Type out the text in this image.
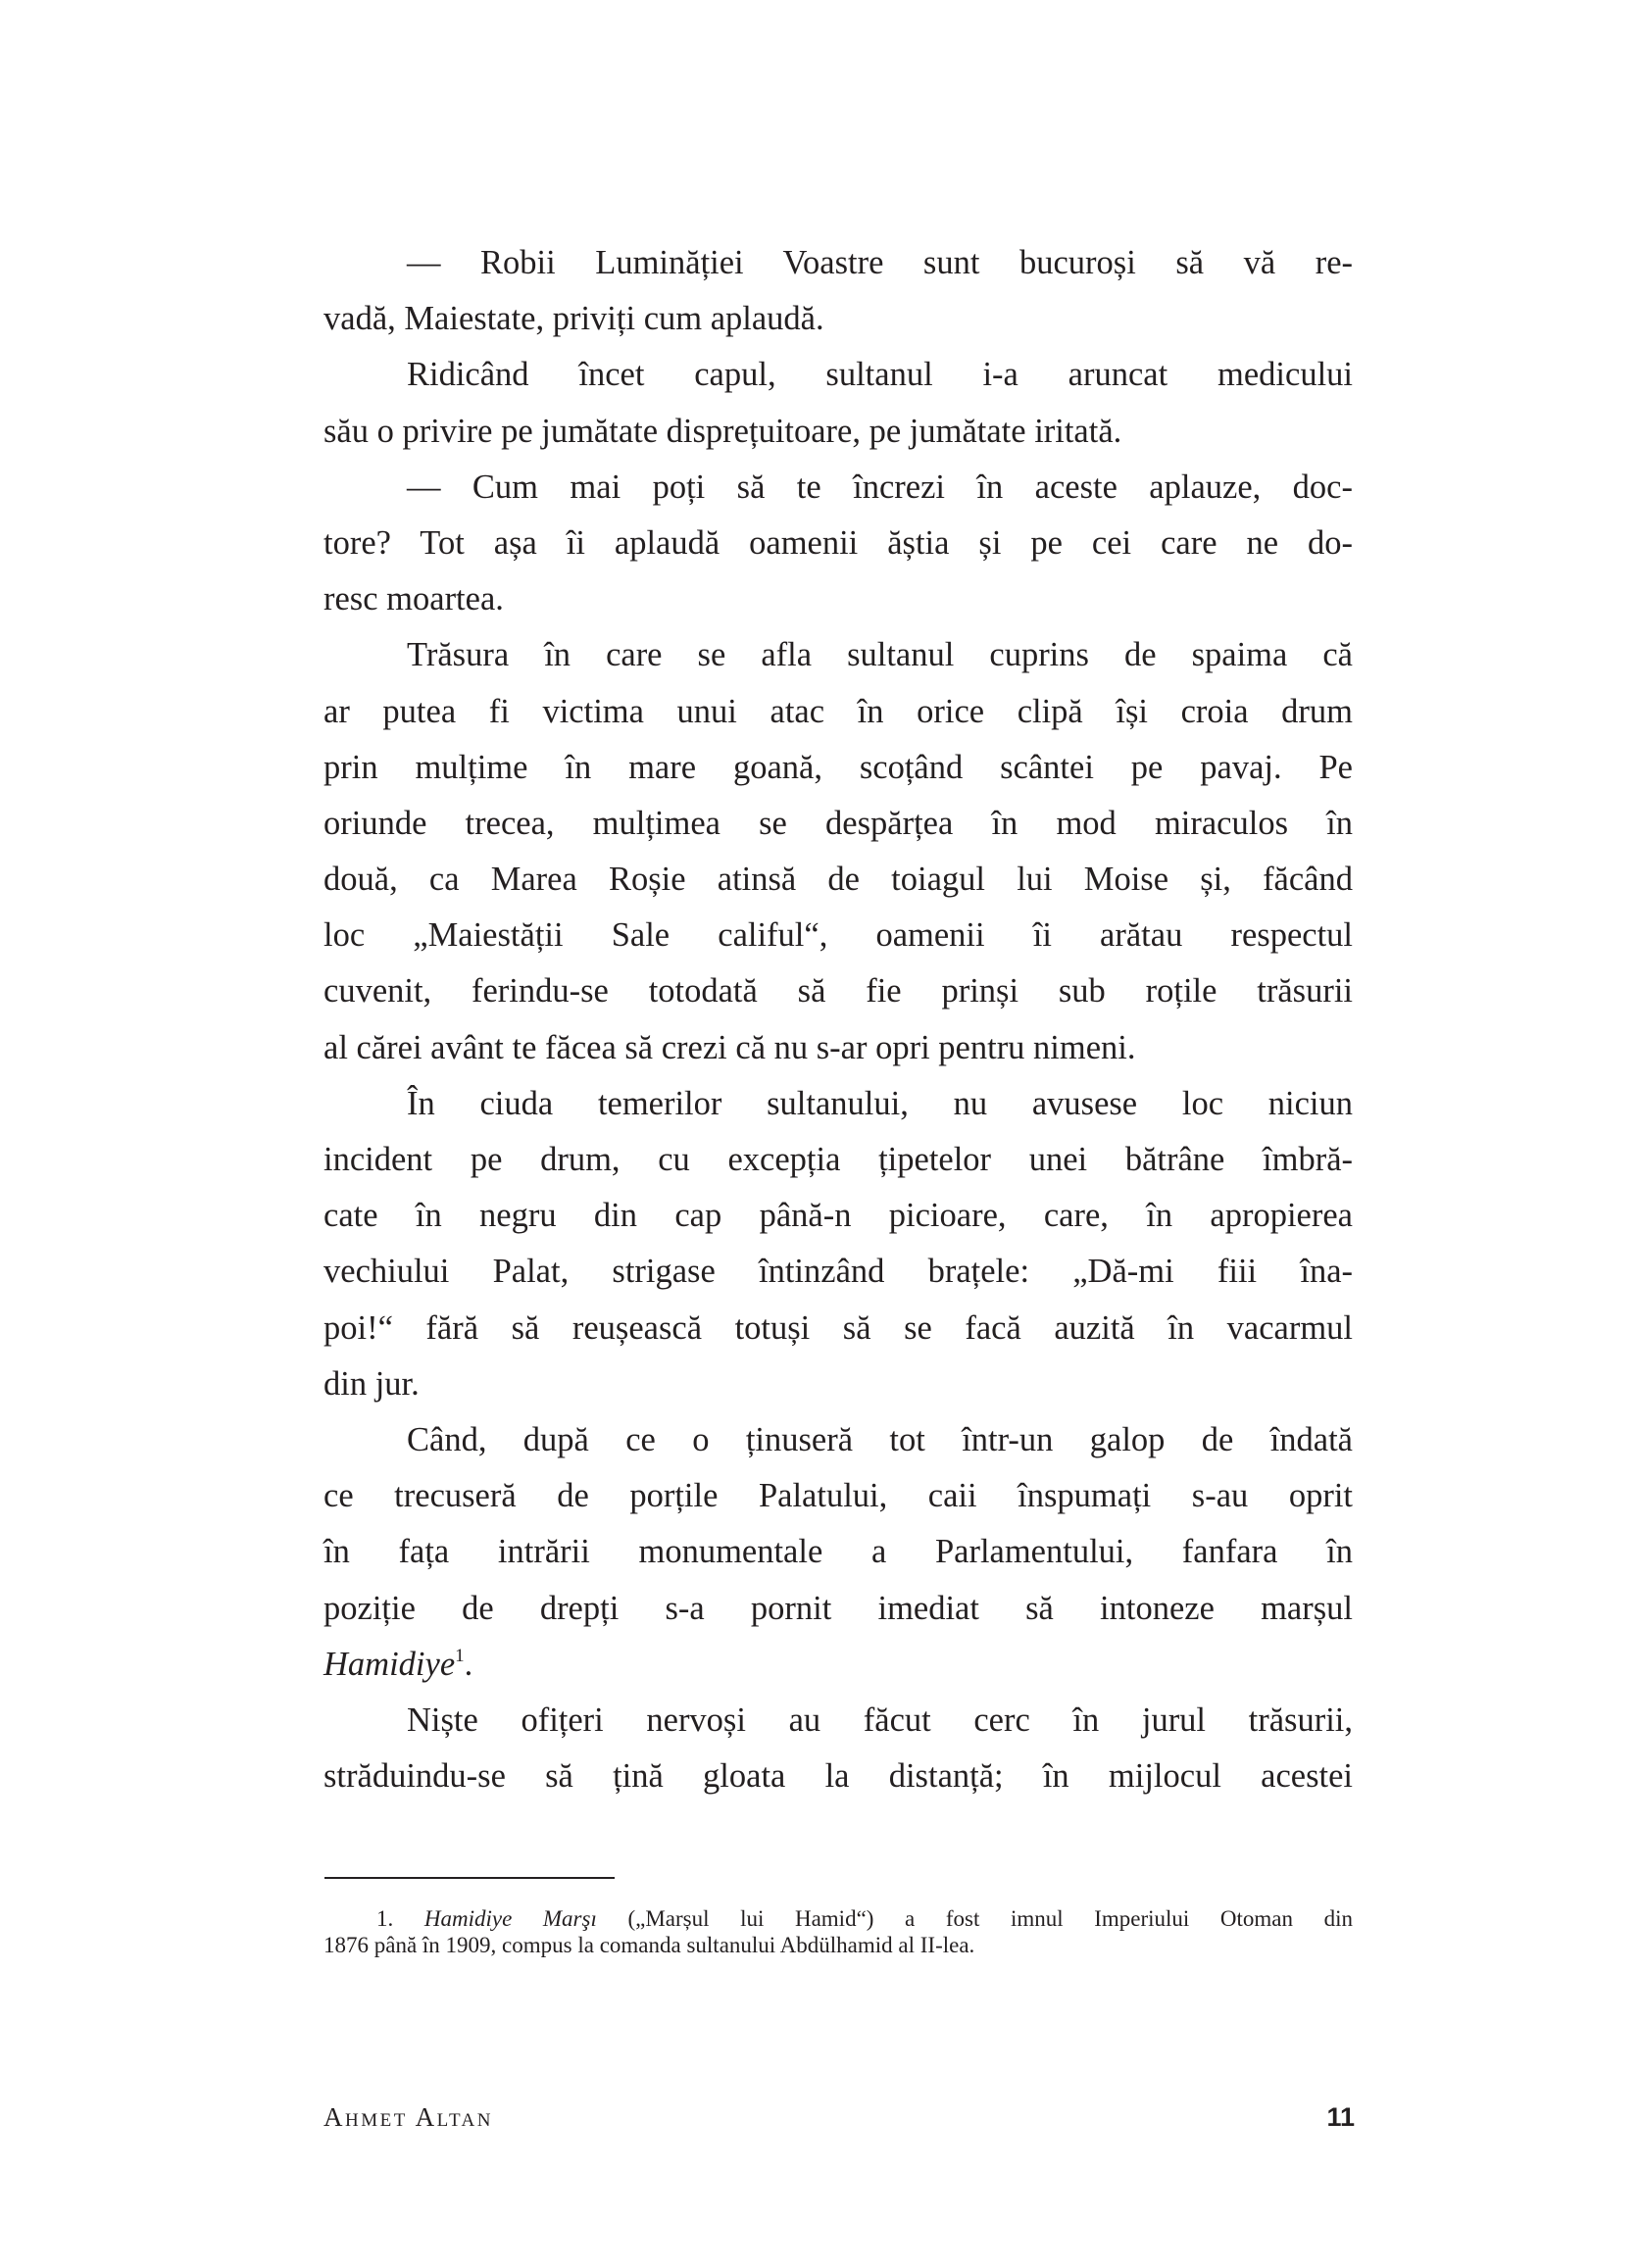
— Robii Luminăției Voastre sunt bucuroși să vă re-
vadă, Maiestate, priviți cum aplaudă.
Ridicând încet capul, sultanul i-a aruncat medicului
său o privire pe jumătate disprețuitoare, pe jumătate iritată.
— Cum mai poți să te încrezi în aceste aplauze, doc-
tore? Tot așa îi aplaudă oamenii ăștia și pe cei care ne do-
resc moartea.
Trăsura în care se afla sultanul cuprins de spaima că
ar putea fi victima unui atac în orice clipă își croia drum
prin mulțime în mare goană, scoțând scântei pe pavaj. Pe
oriunde trecea, mulțimea se despărțea în mod miraculos în
două, ca Marea Roșie atinsă de toiagul lui Moise și, făcând
loc „Maiestății Sale califul“, oamenii îi arătau respectul
cuvenit, ferindu-se totodată să fie prinși sub roțile trăsurii
al cărei avânt te făcea să crezi că nu s-ar opri pentru nimeni.
În ciuda temerilor sultanului, nu avusese loc niciun
incident pe drum, cu excepția țipetelor unei bătrâne îmbră-
cate în negru din cap până-n picioare, care, în apropierea
vechiului Palat, strigase întinzând brațele: „Dă-mi fiii îna-
poi!“ fără să reușească totuși să se facă auzită în vacarmul
din jur.
Când, după ce o ținuseră tot într-un galop de îndată
ce trecuseră de porțile Palatului, caii înspumați s-au oprit
în fața intrării monumentale a Parlamentului, fanfara în
poziție de drepți s-a pornit imediat să intoneze marșul
Hamidiye$^1$.
Niște ofițeri nervoși au făcut cerc în jurul trăsurii,
străduindu-se să țină gloata la distanță; în mijlocul acestei
1. Hamidiye Marşı („Marșul lui Hamid“) a fost imnul Imperiului Otoman din
1876 până în 1909, compus la comanda sultanului Abdülhamid al II-lea.
Ahmet Altan	11
